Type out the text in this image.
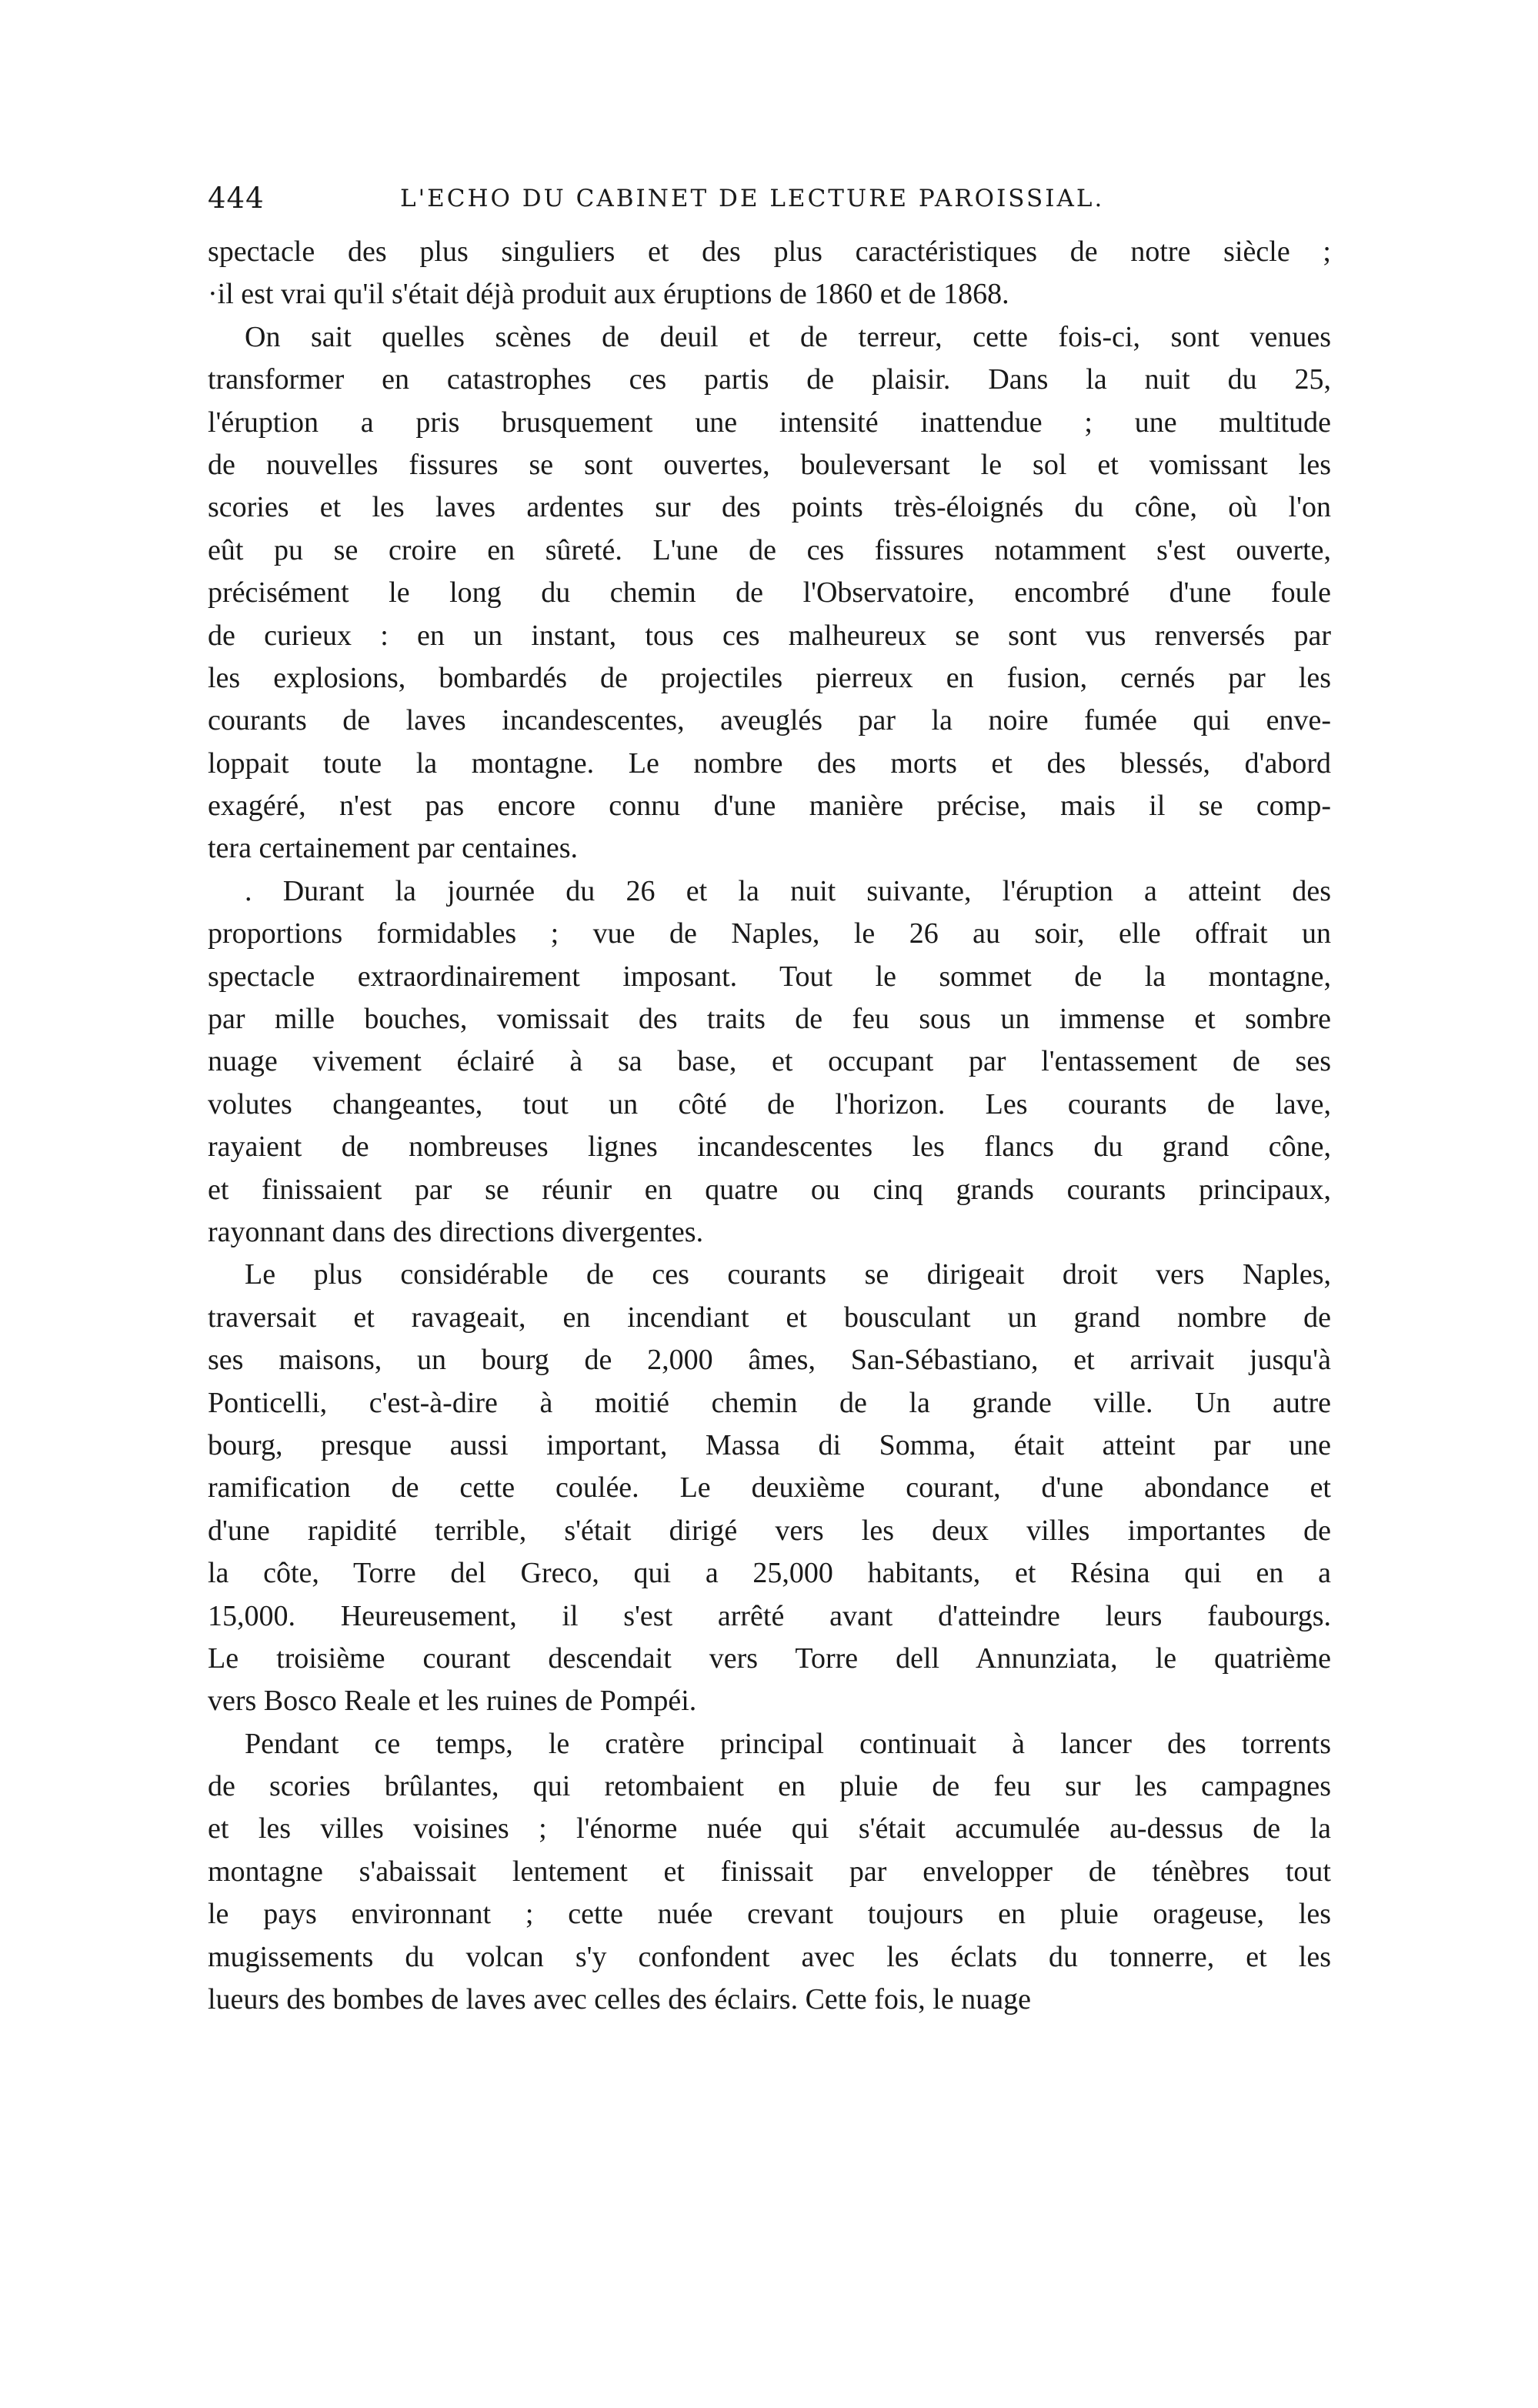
444	L'ECHO DU CABINET DE LECTURE PAROISSIAL.
spectacle des plus singuliers et des plus caractéristiques de notre siècle ;
·il est vrai qu'il s'était déjà produit aux éruptions de 1860 et de 1868.
On sait quelles scènes de deuil et de terreur, cette fois-ci, sont venues
transformer en catastrophes ces partis de plaisir. Dans la nuit du 25,
l'éruption a pris brusquement une intensité inattendue ; une multitude
de nouvelles fissures se sont ouvertes, bouleversant le sol et vomissant les
scories et les laves ardentes sur des points très-éloignés du cône, où l'on
eût pu se croire en sûreté. L'une de ces fissures notamment s'est ouverte,
précisément le long du chemin de l'Observatoire, encombré d'une foule
de curieux : en un instant, tous ces malheureux se sont vus renversés par
les explosions, bombardés de projectiles pierreux en fusion, cernés par les
courants de laves incandescentes, aveuglés par la noire fumée qui enve-
loppait toute la montagne. Le nombre des morts et des blessés, d'abord
exagéré, n'est pas encore connu d'une manière précise, mais il se comp-
tera certainement par centaines.
. Durant la journée du 26 et la nuit suivante, l'éruption a atteint des
proportions formidables ; vue de Naples, le 26 au soir, elle offrait un
spectacle extraordinairement imposant. Tout le sommet de la montagne,
par mille bouches, vomissait des traits de feu sous un immense et sombre
nuage vivement éclairé à sa base, et occupant par l'entassement de ses
volutes changeantes, tout un côté de l'horizon. Les courants de lave,
rayaient de nombreuses lignes incandescentes les flancs du grand cône,
et finissaient par se réunir en quatre ou cinq grands courants principaux,
rayonnant dans des directions divergentes.
Le plus considérable de ces courants se dirigeait droit vers Naples,
traversait et ravageait, en incendiant et bousculant un grand nombre de
ses maisons, un bourg de 2,000 âmes, San-Sébastiano, et arrivait jusqu'à
Ponticelli, c'est-à-dire à moitié chemin de la grande ville. Un autre
bourg, presque aussi important, Massa di Somma, était atteint par une
ramification de cette coulée. Le deuxième courant, d'une abondance et
d'une rapidité terrible, s'était dirigé vers les deux villes importantes de
la côte, Torre del Greco, qui a 25,000 habitants, et Résina qui en a
15,000. Heureusement, il s'est arrêté avant d'atteindre leurs faubourgs.
Le troisième courant descendait vers Torre dell Annunziata, le quatrième
vers Bosco Reale et les ruines de Pompéi.
Pendant ce temps, le cratère principal continuait à lancer des torrents
de scories brûlantes, qui retombaient en pluie de feu sur les campagnes
et les villes voisines ; l'énorme nuée qui s'était accumulée au-dessus de la
montagne s'abaissait lentement et finissait par envelopper de ténèbres tout
le pays environnant ; cette nuée crevant toujours en pluie orageuse, les
mugissements du volcan s'y confondent avec les éclats du tonnerre, et les
lueurs des bombes de laves avec celles des éclairs. Cette fois, le nuage
